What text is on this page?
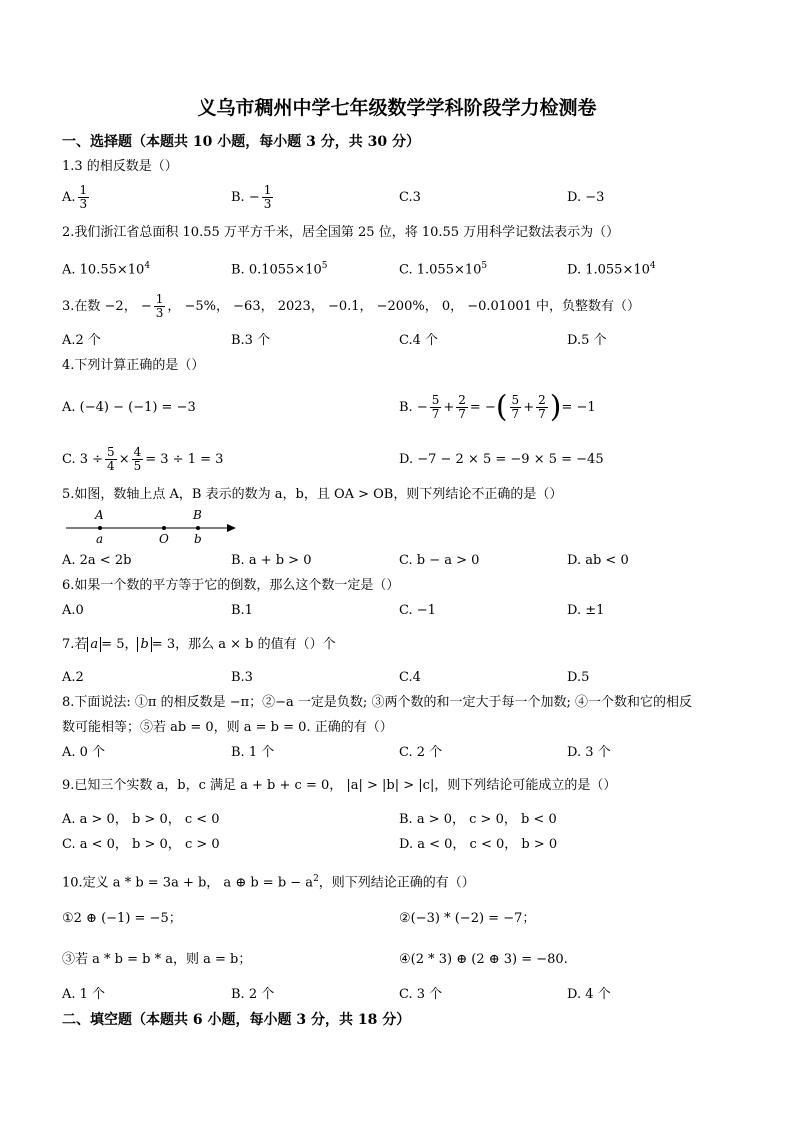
义乌市稠州中学七年级数学学科阶段学力检测卷
一、选择题（本题共 10 小题，每小题 3 分，共 30 分）
1.3 的相反数是（）
A. $\frac{1}{3}$	B. − $\frac{1}{3}$	C.3	D. −3
2.我们浙江省总面积 10.55 万平方千米，居全国第 25 位，将 10.55 万用科学记数法表示为（）
A. $10.55\times 10^4$	B. $0.1055\times 10^5$	C. $1.055\times 10^5$	D. $1.055\times 10^4$
3.在数 −2， − $\frac{1}{3}$ ， −5%， −63， 2023， −0.1， −200%， 0， −0.01001 中，负整数有（）
A.2 个	B.3 个	C.4 个	D.5 个
4.下列计算正确的是（）
A. (−4) − (−1) = −3	B. − $\frac{5}{7} + \frac{2}{7}$ = −( $\frac{5}{7} + \frac{2}{7}$ )= −1
C. $3 \div \frac{5}{4} \times \frac{4}{5} = 3 \div 1 = 3$	D. −7 − 2 × 5 = −9 × 5 = −45
5.如图，数轴上点 A，B 表示的数为 a，b，且 OA > OB，则下列结论不正确的是（）
A
a	O
B
b
A. 2a < 2b	B. a + b > 0	C. b − a > 0	D. ab < 0
6.如果一个数的平方等于它的倒数，那么这个数一定是（）
A.0	B.1	C. −1	D. ±1
7.若 a = 5， b = 3，那么 a × b 的值有（）个
A.2	B.3	C.4	D.5
8.下面说法: ①π 的相反数是 −π；②−a 一定是负数; ③两个数的和一定大于每一个加数; ④一个数和它的相反
数可能相等；⑤若 ab = 0，则 a = b = 0. 正确的有（）
A. 0 个	B. 1 个	C. 2 个	D. 3 个
9.已知三个实数 a，b，c 满足 a + b + c = 0， |a| > |b| > |c|，则下列结论可能成立的是（）
A. a > 0， b > 0， c < 0	B. a > 0， c > 0， b < 0
C. a < 0， b > 0， c > 0	D. a < 0， c < 0， b > 0
10.定义 a * b = 3a + b， a ⊕ $b = b - a^2$，则下列结论正确的有（）
①2 ⊕ (−1) = −5；	②(−3) * (−2) = −7；
③若 a * b = b * a，则 a = b；	④(2 * 3) ⊕ (2 ⊕ 3) = −80.
A. 1 个	B. 2 个	C. 3 个	D. 4 个
二、填空题（本题共 6 小题，每小题 3 分，共 18 分）
